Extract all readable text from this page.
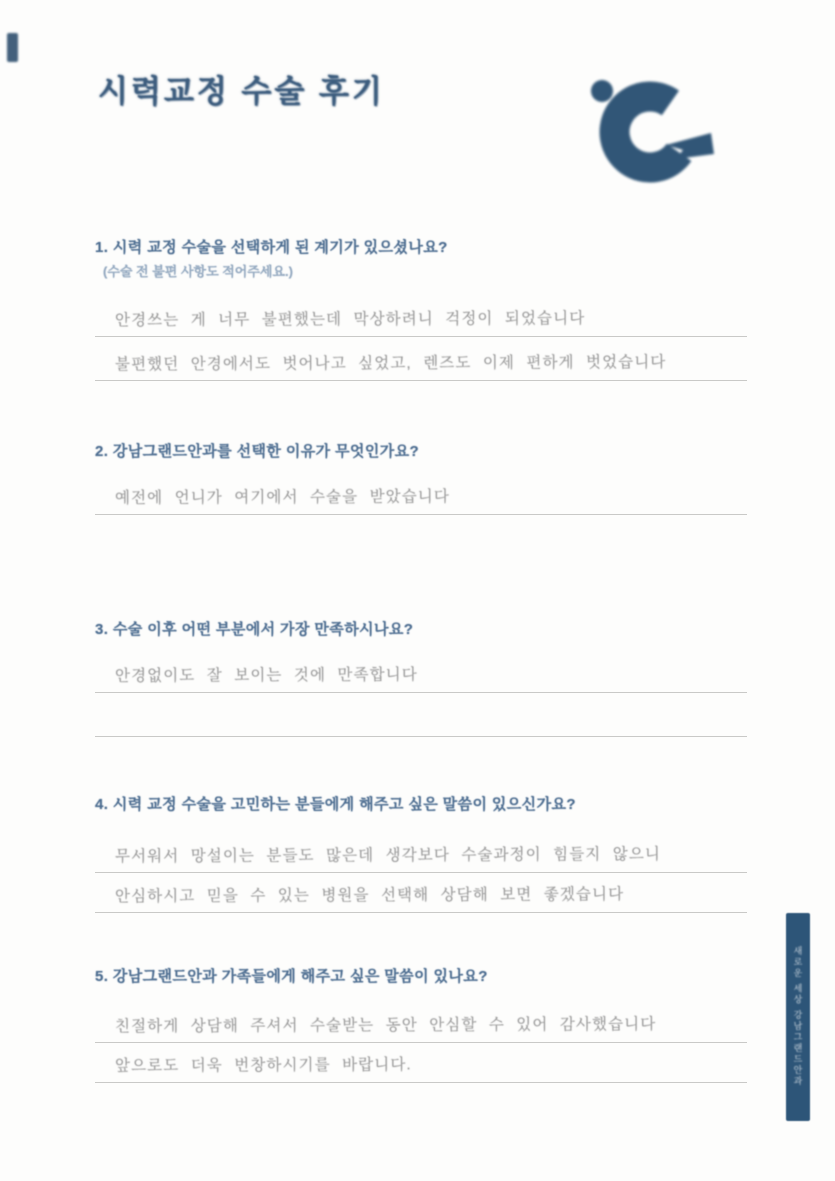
시력교정 수술 후기
1. 시력 교정 수술을 선택하게 된 계기가 있으셨나요?
(수술 전 불편 사항도 적어주세요.)
안경쓰는 게 너무 불편했는데 막상하려니 걱정이 되었습니다
불편했던 안경에서도 벗어나고 싶었고, 렌즈도 이제 편하게 벗었습니다
2. 강남그랜드안과를 선택한 이유가 무엇인가요?
예전에 언니가 여기에서 수술을 받았습니다
3. 수술 이후 어떤 부분에서 가장 만족하시나요?
안경없이도 잘 보이는 것에 만족합니다
4. 시력 교정 수술을 고민하는 분들에게 해주고 싶은 말씀이 있으신가요?
무서워서 망설이는 분들도 많은데 생각보다 수술과정이 힘들지 않으니
안심하시고 믿을 수 있는 병원을 선택해 상담해 보면 좋겠습니다
5. 강남그랜드안과 가족들에게 해주고 싶은 말씀이 있나요?
친절하게 상담해 주셔서 수술받는 동안 안심할 수 있어 감사했습니다
앞으로도 더욱 번창하시기를 바랍니다.	새로운 세상 강남그랜드안과
